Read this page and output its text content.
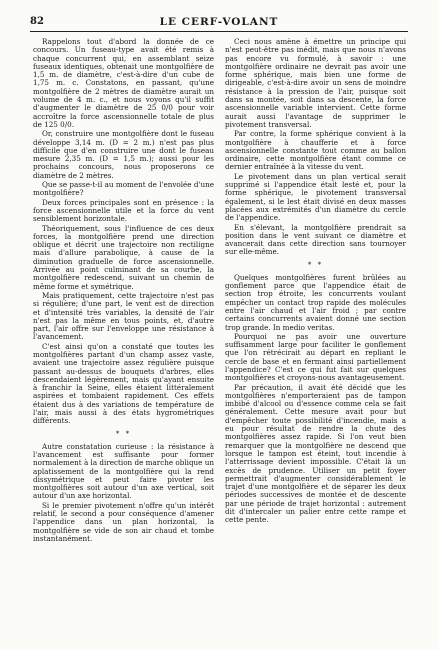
82	LE CERF-VOLANT

Rappelons tout d'abord la donnée de ce concours. Un fuseau-type avait été remis à chaque concurrent qui, en assemblant seize fuseaux identiques, obtenait une montgolfière de 1,5 m. de diamètre, c'est-à-dire d'un cube de 1,75 m. c. Constatons, en passant, qu'une montgolfière de 2 mètres de diamètre aurait un volume de 4 m. c., et nous voyons qu'il suffit d'augmenter le diamètre de 25 0/0 pour voir accroître la force ascensionnelle totale de plus de 125 0/0.

Or, construire une montgolfière dont le fuseau développe 3,14 m. (D = 2 m.) n'est pas plus difficile que d'en construire une dont le fuseau mesure 2,35 m. (D = 1,5 m.); aussi pour les prochains concours, nous proposerons ce diamètre de 2 mètres.

Que se passe-t-il au moment de l'envolée d'une montgolfière?

Deux forces principales sont en présence : la force ascensionnelle utile et la force du vent sensiblement horizontale.

Théoriquement, sous l'influence de ces deux forces, la montgolfière prend une direction oblique et décrit une trajectoire non rectiligne mais d'allure parabolique, à cause de la diminution graduelle de force ascensionnelle. Arrivée au point culminant de sa courbe, la montgolfière redescend, suivant un chemin de même forme et symétrique.

Mais pratiquement, cette trajectoire n'est pas si régulière; d'une part, le vent est de direction et d'intensité très variables, la densité de l'air n'est pas la même en tous points, et, d'autre part, l'air offre sur l'enveloppe une résistance à l'avancement.

C'est ainsi qu'on a constaté que toutes les montgolfières partant d'un champ assez vaste, avaient une trajectoire assez régulière puisque passant au-dessus de bouquets d'arbres, elles descendaient légèrement, mais qu'ayant ensuite à franchir la Seine, elles étaient littéralement aspirées et tombaient rapidement. Ces effets étaient dus à des variations de température de l'air, mais aussi à des états hygrométriques différents.

* *

Autre constatation curieuse : la résistance à l'avancement est suffisante pour former normalement à la direction de marche oblique un aplatissement de la montgolfière qui la rend dissymétrique et peut faire pivoter les montgolfières soit autour d'un axe vertical, soit autour d'un axe horizontal.

Si le premier pivotement n'offre qu'un intérêt relatif, le second a pour conséquence d'amener l'appendice dans un plan horizontal, la montgolfière se vide de son air chaud et tombe instantanément.

Ceci nous amène à émettre un principe qui n'est peut-être pas inédit, mais que nous n'avons pas encore vu formulé, à savoir : une montgolfière ordinaire ne devrait pas avoir une forme sphérique, mais bien une forme de dirigeable, c'est-à-dire avoir un sens de moindre résistance à la pression de l'air, puisque soit dans sa montée, soit dans sa descente, la force ascensionnelle variable intervient. Cette forme aurait aussi l'avantage de supprimer le pivotement transversal.

Par contre, la forme sphérique convient à la montgolfière à chaufferie et à force ascensionnelle constante tout comme au ballon ordinaire, cette montgolfière étant comme ce dernier entraînée à la vitesse du vent.

Le pivotement dans un plan vertical serait supprimé si l'appendice était lesté et, pour la forme sphérique, le pivotement transversal également, si le lest était divisé en deux masses placées aux extrémités d'un diamètre du cercle de l'appendice.

En s'élevant, la montgolfière prendrait sa position dans le vent suivant ce diamètre et avancerait dans cette direction sans tournoyer sur elle-même.

* *

Quelques montgolfières furent brûlées au gonflement parce que l'appendice était de section trop étroite, les concurrents voulant empêcher un contact trop rapide des molécules entre l'air chaud et l'air froid ; par contre certains concurrents avaient donné une section trop grande. In medio veritas.

Pourquoi ne pas avoir une ouverture suffisamment large pour faciliter le gonflement que l'on rétrécirait au départ en repliant le cercle de base et en fermant ainsi partiellement l'appendice? C'est ce qui fut fait sur quelques montgolfières et croyons-nous avantageusement.

Par précaution, il avait été décidé que les montgolfières n'emporteraient pas de tampon imbibé d'alcool ou d'essence comme cela se fait généralement. Cette mesure avait pour but d'empêcher toute possibilité d'incendie, mais a eu pour résultat de rendre la chute des montgolfières assez rapide. Si l'on veut bien remarquer que la montgolfière ne descend que lorsque le tampon est éteint, tout incendie à l'atterrissage devient impossible. C'était là un excès de prudence. Utiliser un petit foyer permettrait d'augmenter considérablement le trajet d'une montgolfière et de séparer les deux périodes successives de montée et de descente par une période de trajet horizontal : autrement dit d'intercaler un palier entre cette rampe et cette pente.
